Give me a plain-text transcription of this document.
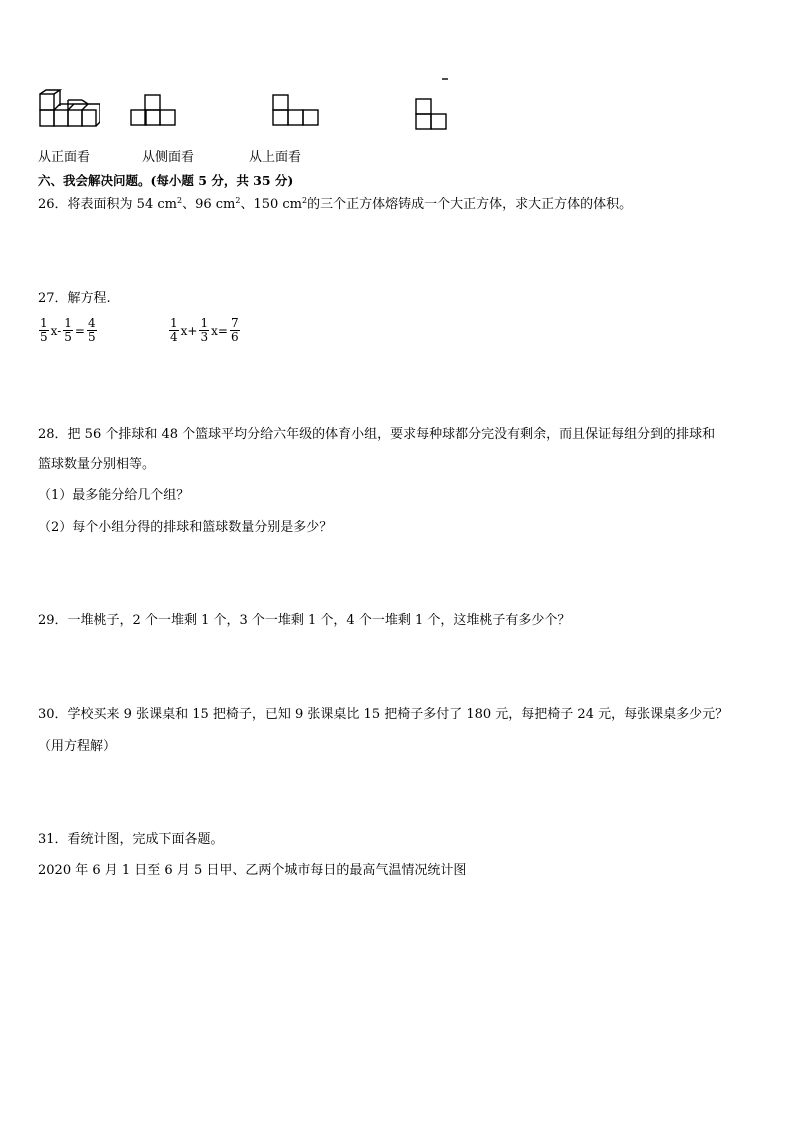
从正面看	从侧面看	从上面看
六、我会解决问题。(每小题 5 分，共 35 分)
26．将表面积为 54 $cm^2$、96 $cm^2$、150 $cm^2$的三个正方体熔铸成一个大正方体，求大正方体的体积。
27．解方程.
$\frac{1}{5} x- \frac{1}{5} = \frac{4}{5}$	$\frac{1}{4} x+ \frac{1}{3} x= \frac{7}{6}$
28．把 56 个排球和 48 个篮球平均分给六年级的体育小组，要求每种球都分完没有剩余，而且保证每组分到的排球和
篮球数量分别相等。
（1）最多能分给几个组？
（2）每个小组分得的排球和篮球数量分别是多少？
29．一堆桃子，2 个一堆剩 1 个，3 个一堆剩 1 个，4 个一堆剩 1 个，这堆桃子有多少个？
30．学校买来 9 张课桌和 15 把椅子，已知 9 张课桌比 15 把椅子多付了 180 元，每把椅子 24 元，每张课桌多少元？
（用方程解）
31．看统计图，完成下面各题。
2020 年 6 月 1 日至 6 月 5 日甲、乙两个城市每日的最高气温情况统计图
